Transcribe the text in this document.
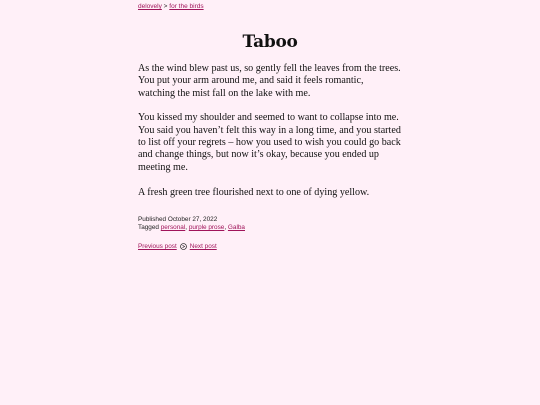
delovely > for the birds
Taboo

As the wind blew past us, so gently fell the leaves from the trees. You put your arm around me, and said it feels romantic, watching the mist fall on the lake with me.

You kissed my shoulder and seemed to want to collapse into me. You said you haven’t felt this way in a long time, and you started to list off your regrets – how you used to wish you could go back and change things, but now it’s okay, because you ended up meeting me.

A fresh green tree flourished next to one of dying yellow.

Published October 27, 2022
Tagged personal, purple prose, Galba
Previous post Next post
